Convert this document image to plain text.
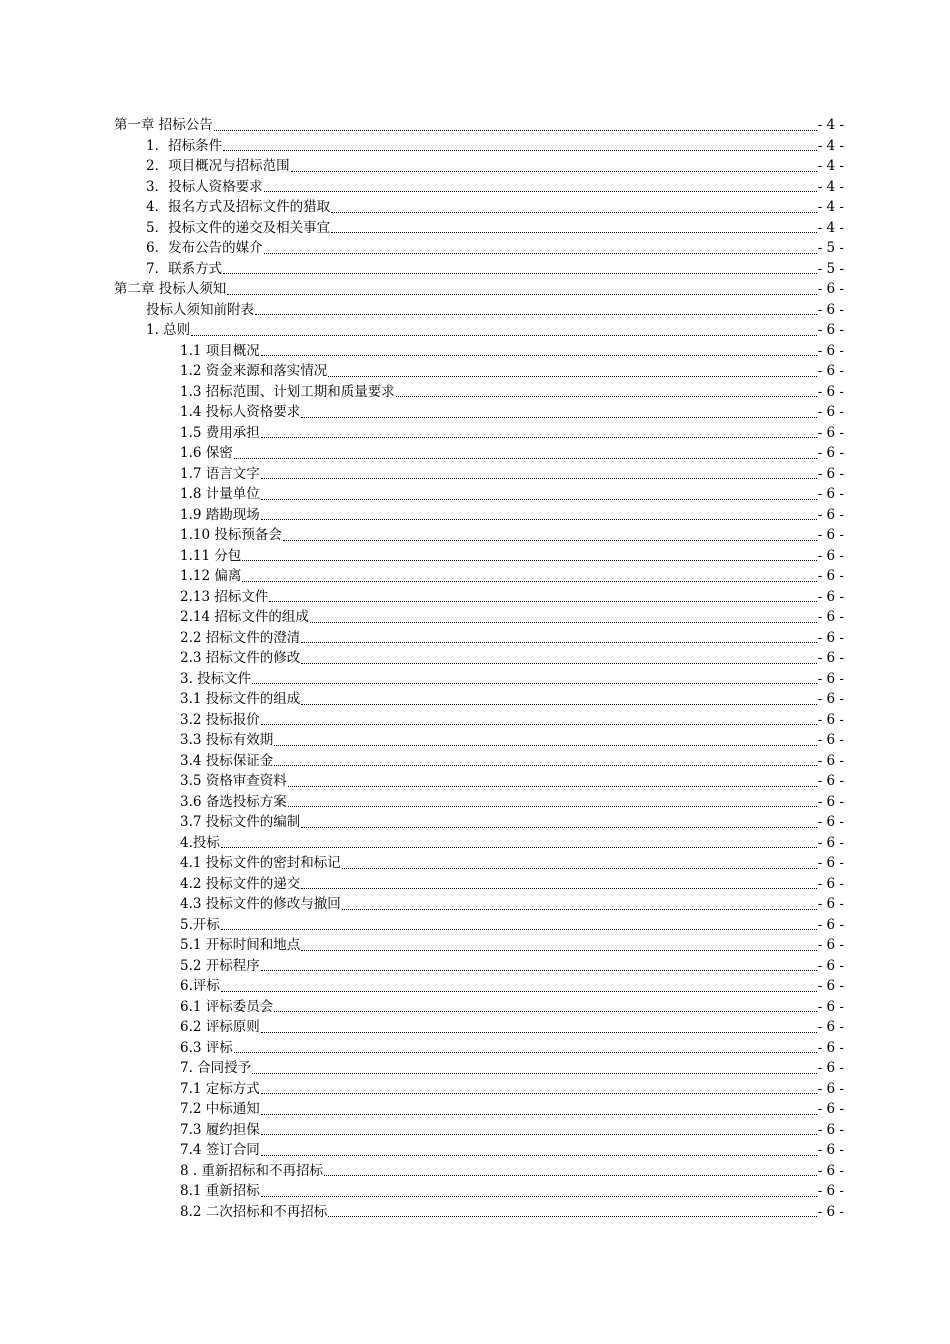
第一章 招标公告	- 4 -
1．招标条件	- 4 -
2．项目概况与招标范围	- 4 -
3．投标人资格要求	- 4 -
4．报名方式及招标文件的猎取	- 4 -
5．投标文件的递交及相关事宜	- 4 -
6．发布公告的媒介	- 5 -
7．联系方式	- 5 -
第二章 投标人须知	- 6 -
投标人须知前附表	- 6 -
1. 总则	- 6 -
1.1 项目概况	- 6 -
1.2 资金来源和落实情况	- 6 -
1.3 招标范围、计划工期和质量要求	- 6 -
1.4 投标人资格要求	- 6 -
1.5 费用承担	- 6 -
1.6 保密	- 6 -
1.7 语言文字	- 6 -
1.8 计量单位	- 6 -
1.9 踏勘现场	- 6 -
1.10 投标预备会	- 6 -
1.11 分包	- 6 -
1.12 偏离	- 6 -
2.13 招标文件	- 6 -
2.14 招标文件的组成	- 6 -
2.2 招标文件的澄清	- 6 -
2.3 招标文件的修改	- 6 -
3. 投标文件	- 6 -
3.1 投标文件的组成	- 6 -
3.2 投标报价	- 6 -
3.3 投标有效期	- 6 -
3.4 投标保证金	- 6 -
3.5 资格审查资料	- 6 -
3.6 备选投标方案	- 6 -
3.7 投标文件的编制	- 6 -
4.投标	- 6 -
4.1 投标文件的密封和标记	- 6 -
4.2 投标文件的递交	- 6 -
4.3 投标文件的修改与撤回	- 6 -
5.开标	- 6 -
5.1 开标时间和地点	- 6 -
5.2 开标程序	- 6 -
6.评标	- 6 -
6.1 评标委员会	- 6 -
6.2 评标原则	- 6 -
6.3 评标	- 6 -
7. 合同授予	- 6 -
7.1 定标方式	- 6 -
7.2 中标通知	- 6 -
7.3 履约担保	- 6 -
7.4 签订合同	- 6 -
8 . 重新招标和不再招标	- 6 -
8.1 重新招标	- 6 -
8.2 二次招标和不再招标	- 6 -
